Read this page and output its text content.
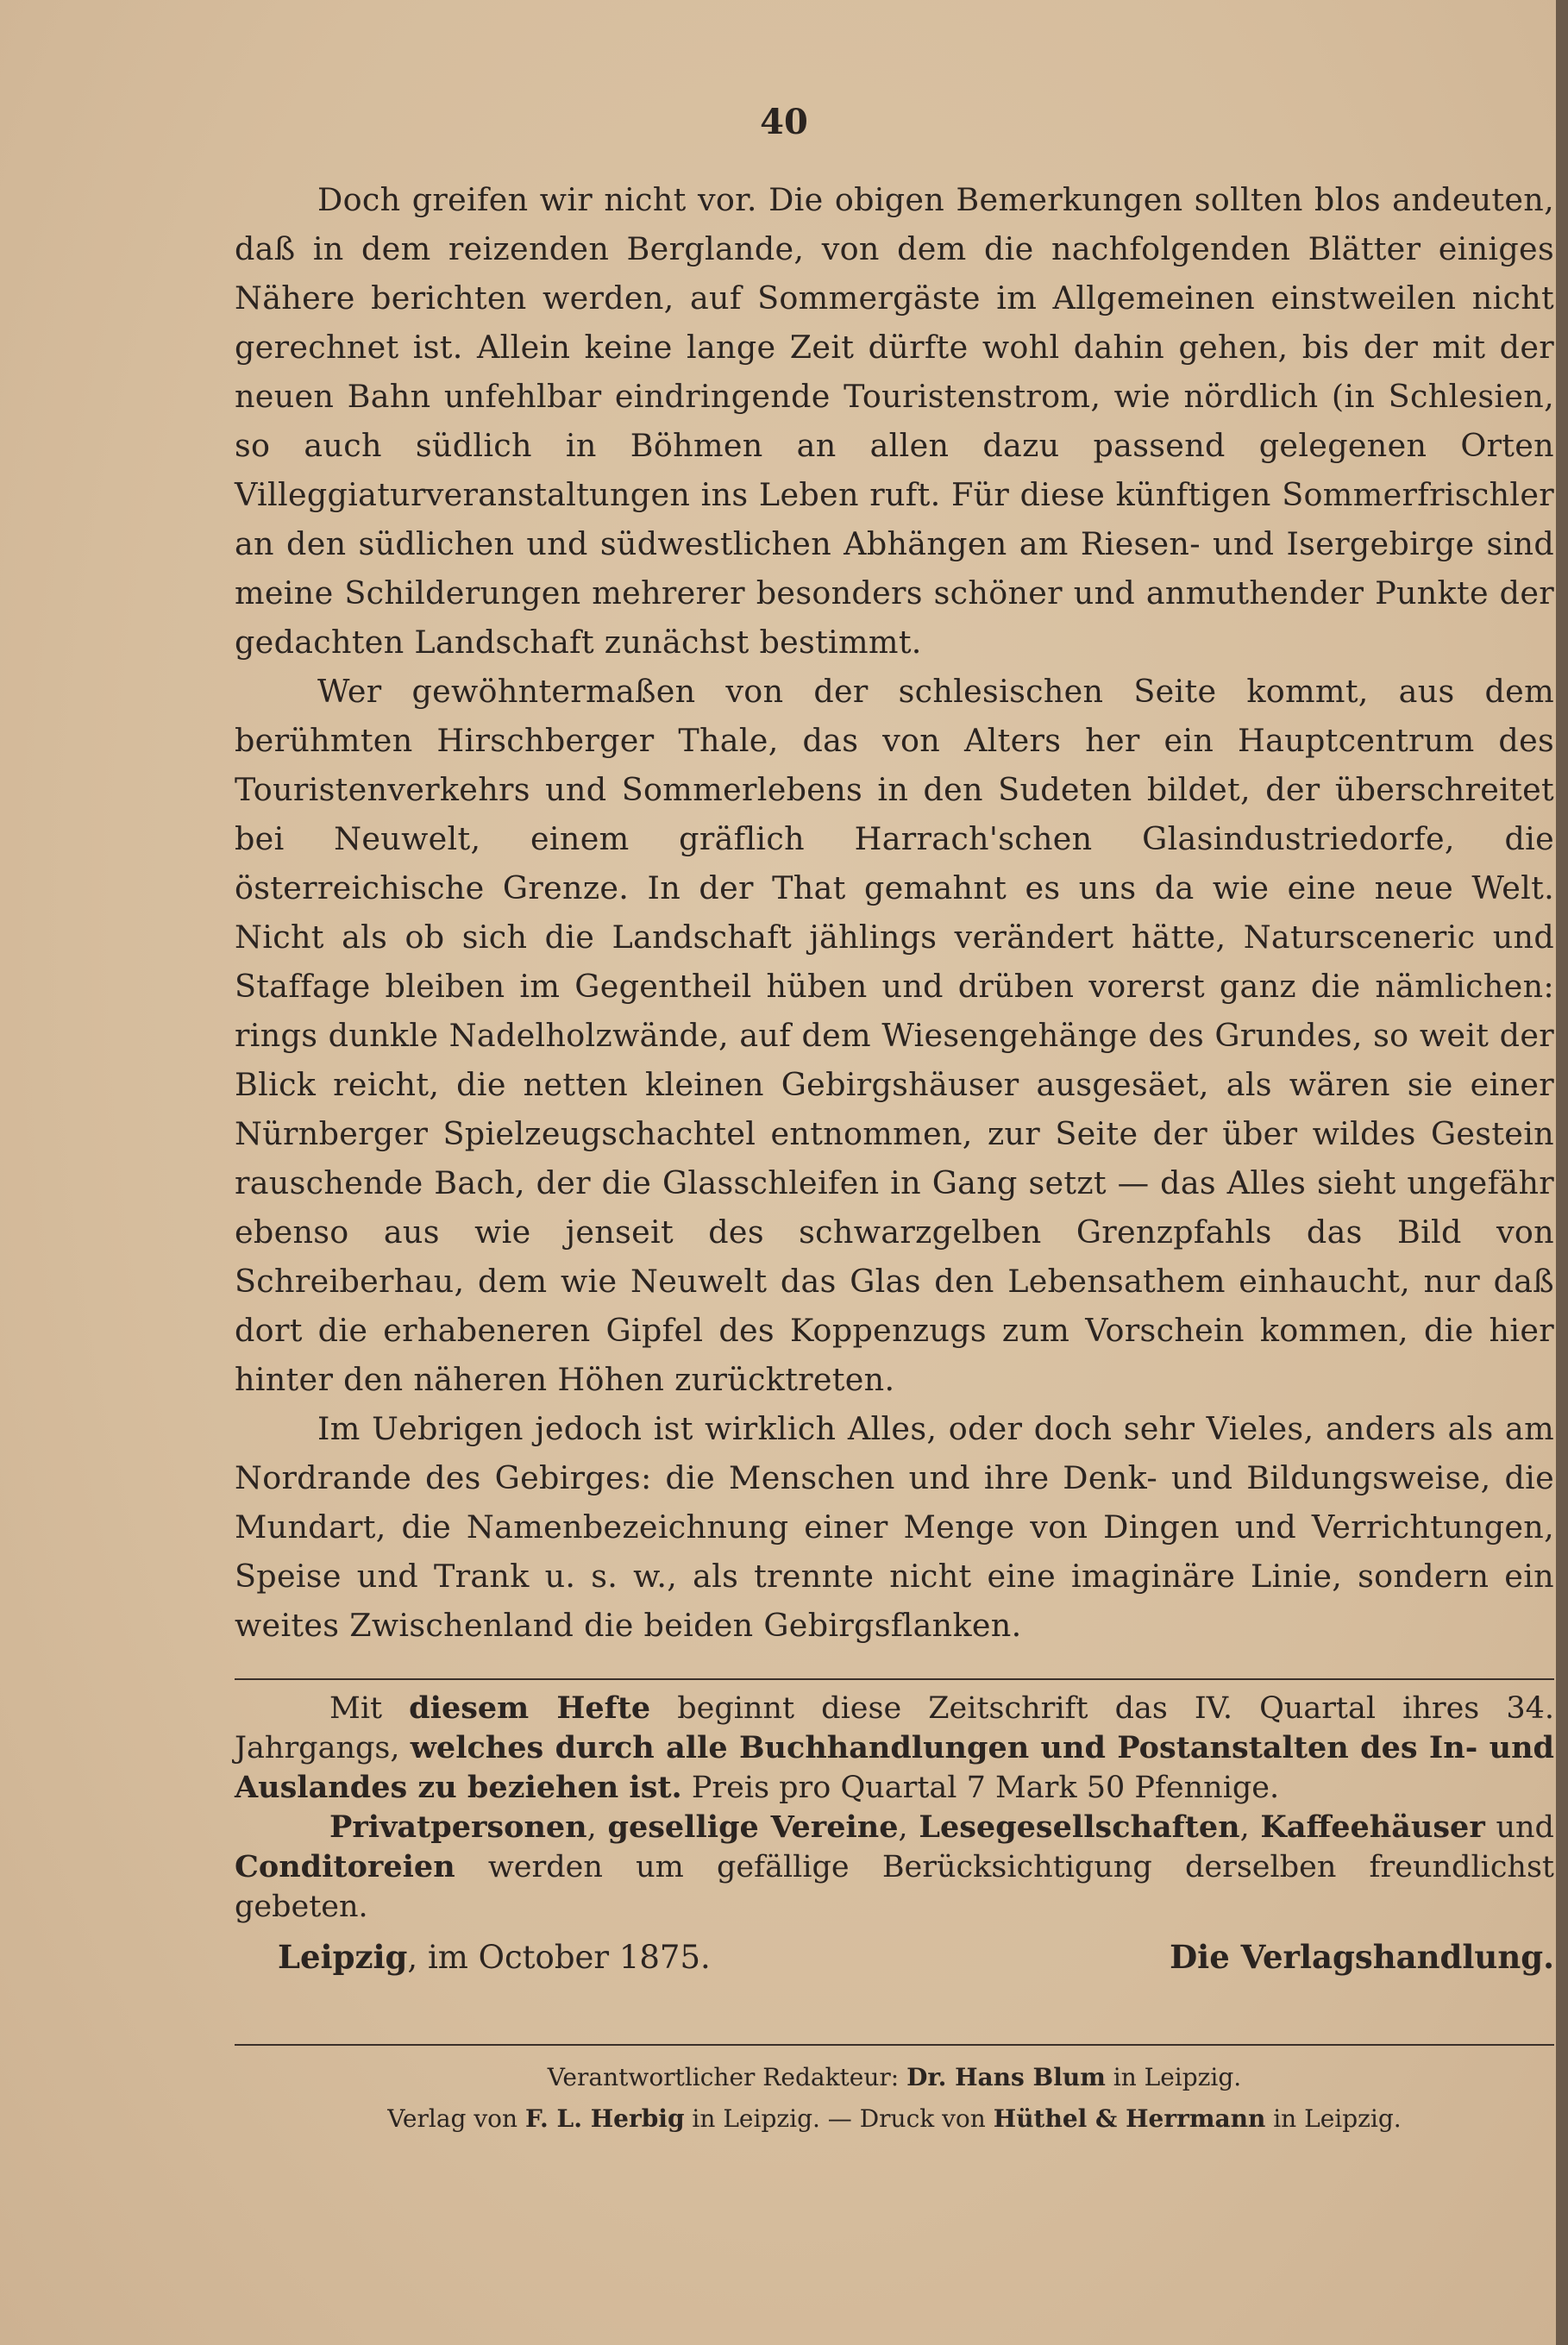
40

Doch greifen wir nicht vor. Die obigen Bemerkungen sollten blos andeuten, daß in dem reizenden Berglande, von dem die nachfolgenden Blätter einiges Nähere berichten werden, auf Sommergäste im Allgemeinen einstweilen nicht gerechnet ist. Allein keine lange Zeit dürfte wohl dahin gehen, bis der mit der neuen Bahn unfehlbar eindringende Touristenstrom, wie nördlich (in Schlesien, so auch südlich in Böhmen an allen dazu passend gelegenen Orten Villeggiaturveranstaltungen ins Leben ruft. Für diese künftigen Sommerfrischler an den südlichen und südwestlichen Abhängen am Riesen- und Isergebirge sind meine Schilderungen mehrerer besonders schöner und anmuthender Punkte der gedachten Landschaft zunächst bestimmt.

Wer gewöhntermaßen von der schlesischen Seite kommt, aus dem berühmten Hirschberger Thale, das von Alters her ein Hauptcentrum des Touristenverkehrs und Sommerlebens in den Sudeten bildet, der überschreitet bei Neuwelt, einem gräflich Harrach'schen Glasindustriedorfe, die österreichische Grenze. In der That gemahnt es uns da wie eine neue Welt. Nicht als ob sich die Landschaft jählings verändert hätte, Natursceneric und Staffage bleiben im Gegentheil hüben und drüben vorerst ganz die nämlichen: rings dunkle Nadelholzwände, auf dem Wiesengehänge des Grundes, so weit der Blick reicht, die netten kleinen Gebirgshäuser ausgesäet, als wären sie einer Nürnberger Spielzeugschachtel entnommen, zur Seite der über wildes Gestein rauschende Bach, der die Glasschleifen in Gang setzt — das Alles sieht ungefähr ebenso aus wie jenseit des schwarzgelben Grenzpfahls das Bild von Schreiberhau, dem wie Neuwelt das Glas den Lebensathem einhaucht, nur daß dort die erhabeneren Gipfel des Koppenzugs zum Vorschein kommen, die hier hinter den näheren Höhen zurücktreten.

Im Uebrigen jedoch ist wirklich Alles, oder doch sehr Vieles, anders als am Nordrande des Gebirges: die Menschen und ihre Denk- und Bildungsweise, die Mundart, die Namenbezeichnung einer Menge von Dingen und Verrichtungen, Speise und Trank u. s. w., als trennte nicht eine imaginäre Linie, sondern ein weites Zwischenland die beiden Gebirgsflanken.

Mit diesem Hefte beginnt diese Zeitschrift das IV. Quartal ihres 34. Jahrgangs, welches durch alle Buchhandlungen und Postanstalten des In- und Auslandes zu beziehen ist. Preis pro Quartal 7 Mark 50 Pfennige.

Privatpersonen, gesellige Vereine, Lesegesellschaften, Kaffeehäuser und Conditoreien werden um gefällige Berücksichtigung derselben freundlichst gebeten.

Leipzig, im October 1875.	Die Verlagshandlung.
Verantwortlicher Redakteur: Dr. Hans Blum in Leipzig.
Verlag von F. L. Herbig in Leipzig. — Druck von Hüthel & Herrmann in Leipzig.
